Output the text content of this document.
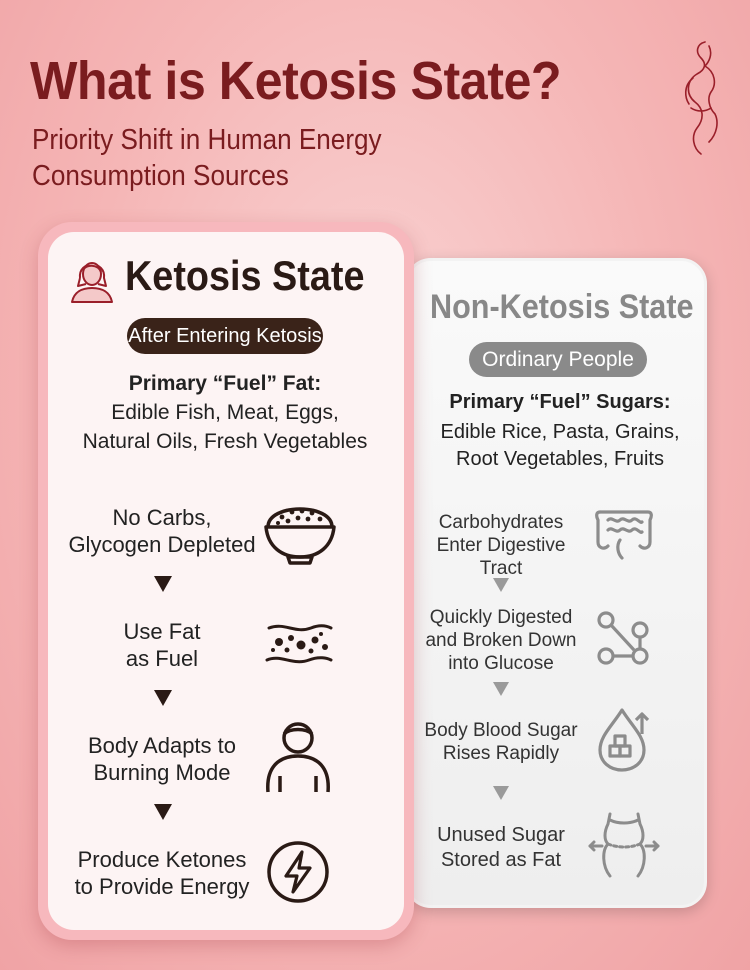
What is Ketosis State?
Priority Shift in Human Energy Consumption Sources
Ketosis State
After Entering Ketosis
Primary “Fuel” Fat:
Edible Fish, Meat, Eggs,
Natural Oils, Fresh Vegetables
No Carbs,
Glycogen Depleted
Use Fat
as Fuel
Body Adapts to
Burning Mode
Produce Ketones
to Provide Energy
Non-Ketosis State
Ordinary People
Primary “Fuel” Sugars:
Edible Rice, Pasta, Grains,
Root Vegetables, Fruits
Carbohydrates
Enter Digestive Tract
Quickly Digested
and Broken Down
into Glucose
Body Blood Sugar
Rises Rapidly
Unused Sugar
Stored as Fat
